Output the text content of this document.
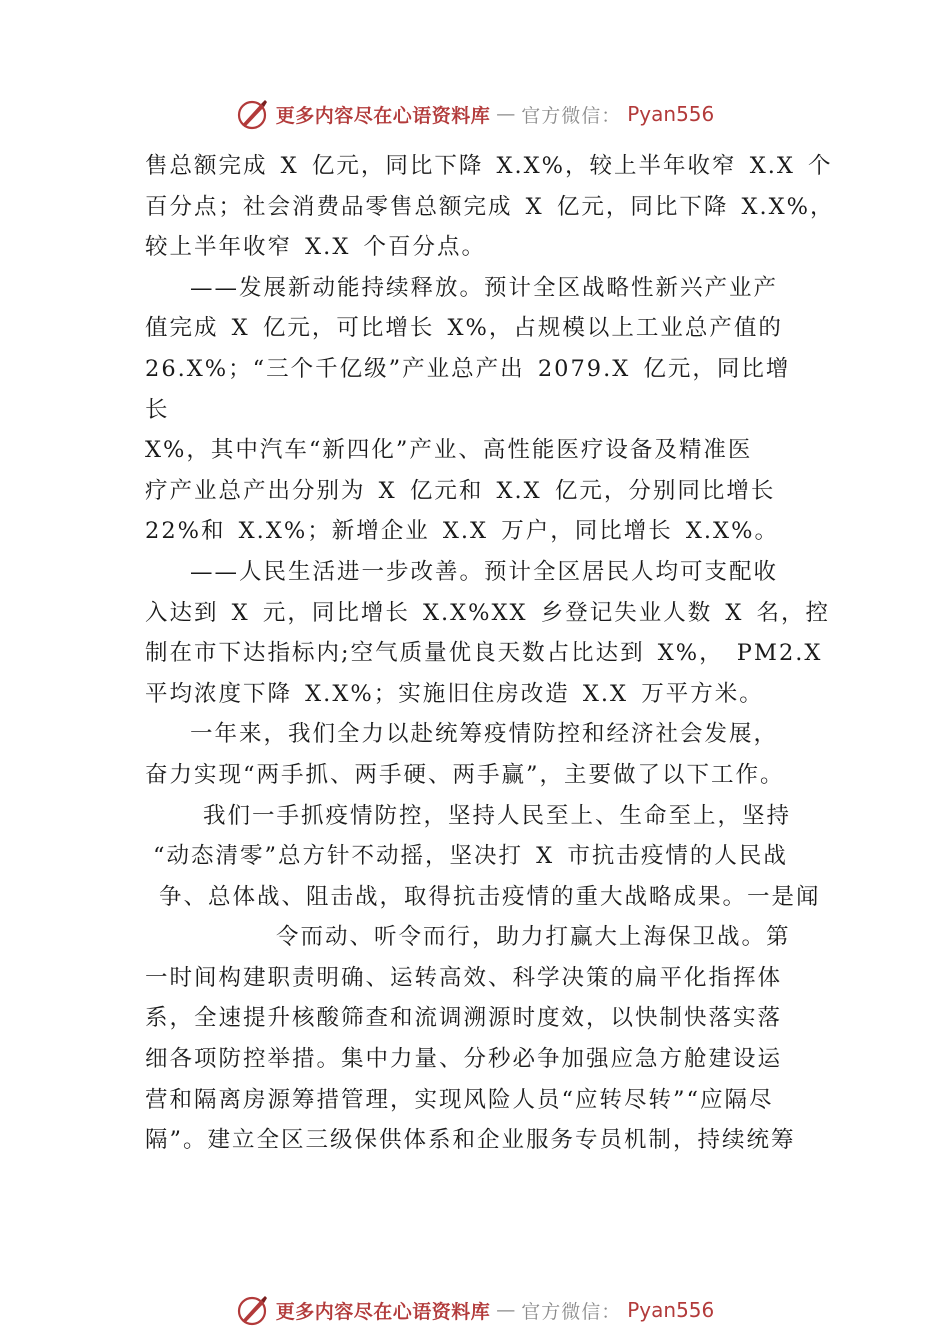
更多内容尽在心语资料库 — 官方微信： Pyan556
售总额完成 X 亿元，同比下降 X.X%，较上半年收窄 X.X 个
百分点；社会消费品零售总额完成 X 亿元，同比下降 X.X%，
较上半年收窄 X.X 个百分点。
——发展新动能持续释放。预计全区战略性新兴产业产
值完成 X 亿元，可比增长 X%，占规模以上工业总产值的
26.X%；“三个千亿级”产业总产出 2079.X 亿元，同比增
长
X%，其中汽车“新四化”产业、高性能医疗设备及精准医
疗产业总产出分别为 X 亿元和 X.X 亿元，分别同比增长
22%和 X.X%；新增企业 X.X 万户，同比增长 X.X%。
——人民生活进一步改善。预计全区居民人均可支配收
入达到 X 元，同比增长 X.X%XX 乡登记失业人数 X 名，控
制在市下达指标内;空气质量优良天数占比达到 X%， PM2.X
平均浓度下降 X.X%；实施旧住房改造 X.X 万平方米。
一年来，我们全力以赴统筹疫情防控和经济社会发展，
奋力实现“两手抓、两手硬、两手赢”，主要做了以下工作。
我们一手抓疫情防控，坚持人民至上、生命至上，坚持
“动态清零”总方针不动摇，坚决打 X 市抗击疫情的人民战
争、总体战、阻击战，取得抗击疫情的重大战略成果。一是闻
令而动、听令而行，助力打赢大上海保卫战。第
一时间构建职责明确、运转高效、科学决策的扁平化指挥体
系，全速提升核酸筛查和流调溯源时度效，以快制快落实落
细各项防控举措。集中力量、分秒必争加强应急方舱建设运
营和隔离房源筹措管理，实现风险人员“应转尽转”“应隔尽
隔”。建立全区三级保供体系和企业服务专员机制，持续统筹
更多内容尽在心语资料库 — 官方微信： Pyan556
